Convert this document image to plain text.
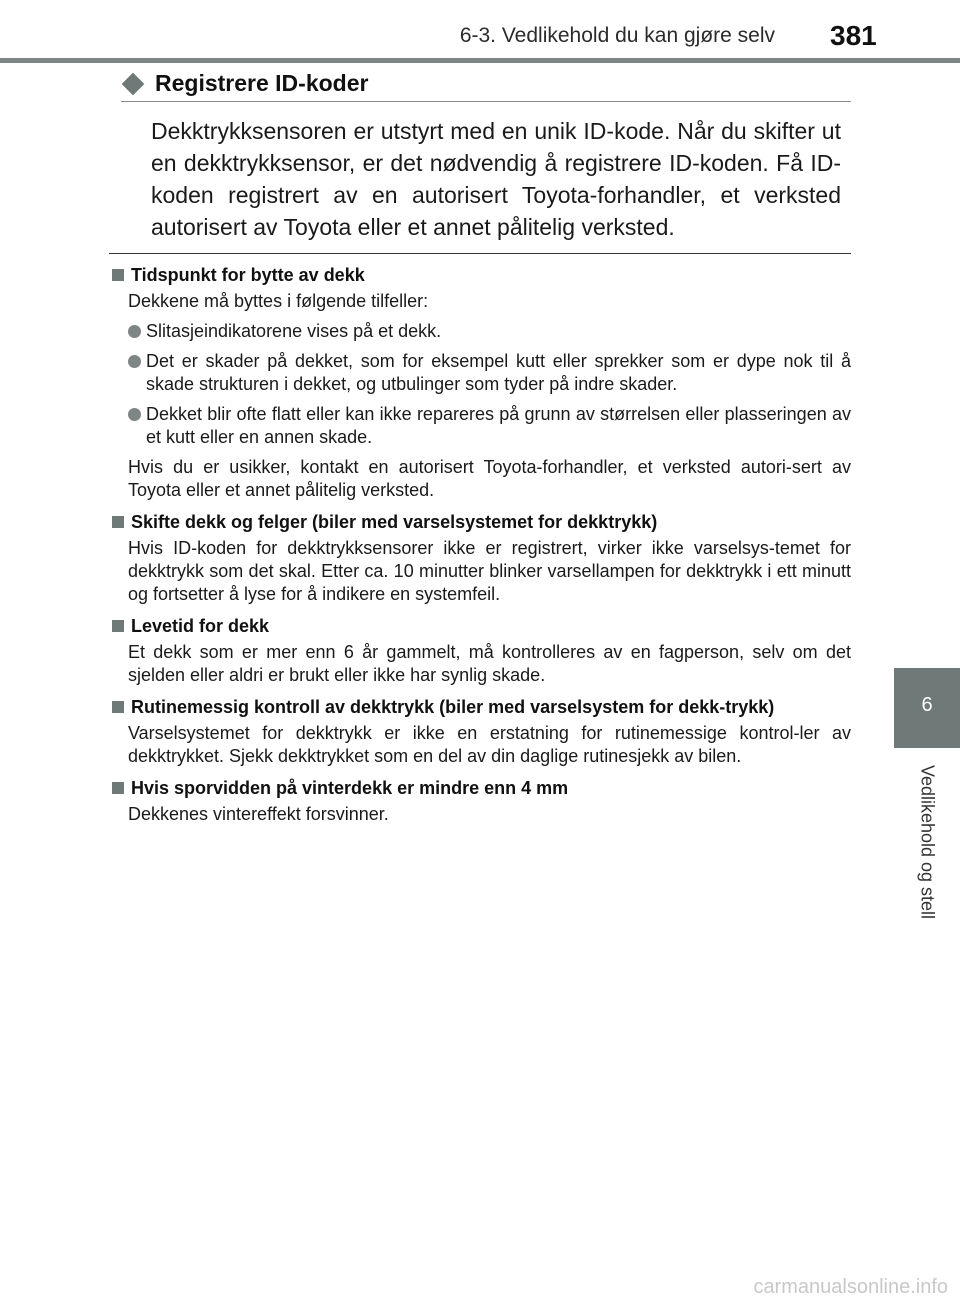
6-3. Vedlikehold du kan gjøre selv 381
6
Vedlikehold og stell
Registrere ID-koder
Dekktrykksensoren er utstyrt med en unik ID-kode. Når du skifter ut en dekktrykksensor, er det nødvendig å registrere ID-koden. Få ID-koden registrert av en autorisert Toyota-forhandler, et verksted autorisert av Toyota eller et annet pålitelig verksted.
Tidspunkt for bytte av dekk
Dekkene må byttes i følgende tilfeller:
Slitasjeindikatorene vises på et dekk.
Det er skader på dekket, som for eksempel kutt eller sprekker som er dype nok til å skade strukturen i dekket, og utbulinger som tyder på indre skader.
Dekket blir ofte flatt eller kan ikke repareres på grunn av størrelsen eller plasseringen av et kutt eller en annen skade.
Hvis du er usikker, kontakt en autorisert Toyota-forhandler, et verksted autori-sert av Toyota eller et annet pålitelig verksted.
Skifte dekk og felger (biler med varselsystemet for dekktrykk)
Hvis ID-koden for dekktrykksensorer ikke er registrert, virker ikke varselsys-temet for dekktrykk som det skal. Etter ca. 10 minutter blinker varsellampen for dekktrykk i ett minutt og fortsetter å lyse for å indikere en systemfeil.
Levetid for dekk
Et dekk som er mer enn 6 år gammelt, må kontrolleres av en fagperson, selv om det sjelden eller aldri er brukt eller ikke har synlig skade.
Rutinemessig kontroll av dekktrykk (biler med varselsystem for dekk-trykk)
Varselsystemet for dekktrykk er ikke en erstatning for rutinemessige kontrol-ler av dekktrykket. Sjekk dekktrykket som en del av din daglige rutinesjekk av bilen.
Hvis sporvidden på vinterdekk er mindre enn 4 mm
Dekkenes vintereffekt forsvinner.
carmanualsonline.info
